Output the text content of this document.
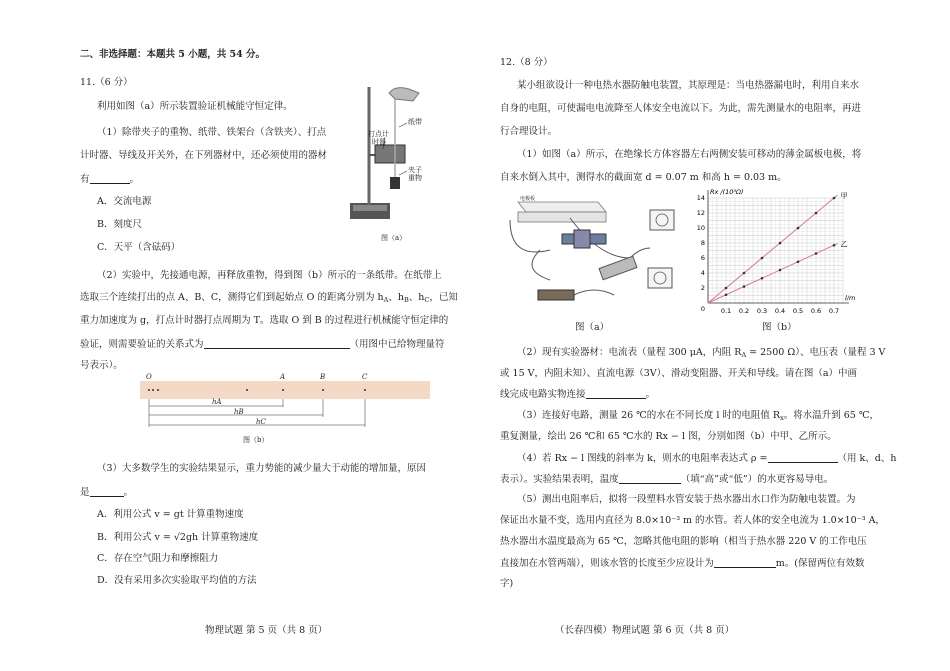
二、非选择题：本题共 5 小题，共 54 分。
11.（6 分）
利用如图（a）所示装置验证机械能守恒定律。
（1）除带夹子的重物、纸带、铁架台（含铁夹）、打点
计时器、导线及开关外，在下列器材中，还必须使用的器材
有	。
A．交流电源
B．刻度尺
C．天平（含砝码）
纸带
打点计
时器
夹子
重物
图（a）
（2）实验中，先接通电源，再释放重物，得到图（b）所示的一条纸带。在纸带上
选取三个连续打出的点 A、B、C，测得它们到起始点 O 的距离分别为 $h_A$、$h_B$、$h_C$，已知
重力加速度为 g，打点计时器打点周期为 T。选取 O 到 B 的过程进行机械能守恒定律的
验证，则需要验证的关系式为	（用图中已给物理量符
号表示）。
O	A	B	C
hA
hB
hC
图（b）
（3）大多数学生的实验结果显示，重力势能的减少量大于动能的增加量，原因
是	。
A．利用公式 v = gt 计算重物速度
B．利用公式 v = √2gh 计算重物速度
C．存在空气阻力和摩擦阻力
D．没有采用多次实验取平均值的方法
物理试题 第 5 页（共 8 页）
12.（8 分）
某小组欲设计一种电热水器防触电装置，其原理是：当电热器漏电时，利用自来水
自身的电阻，可使漏电电流降至人体安全电流以下。为此，需先测量水的电阻率，再进
行合理设计。
（1）如图（a）所示，在绝缘长方体容器左右两侧安装可移动的薄金属板电极，将
自来水倒入其中，测得水的截面宽 d = 0.07 m 和高 h = 0.03 m。
电极板
图（a）
0.1 0.2 0.3 0.4 0.5 0.6 0.7
2
4
6
8
10
12
14
0
l/m
Rx /(10³Ω)	甲
乙
图（b）
（2）现有实验器材：电流表（量程 300 μA，内阻 $R_A = 2500$ Ω）、电压表（量程 3 V
或 15 V，内阻未知）、直流电源（3V）、滑动变阻器、开关和导线。请在图（a）中画
线完成电路实物连接	。
（3）连接好电路，测量 26 ℃的水在不同长度 l 时的电阻值 $R_x$。将水温升到 65 ℃，
重复测量，绘出 26 ℃和 65 ℃水的 Rx − l 图，分别如图（b）中甲、乙所示。
（4）若 Rx − l 图线的斜率为 k，则水的电阻率表达式 ρ =	（用 k、d、h
表示）。实验结果表明，温度	（填“高”或“低”）的水更容易导电。
（5）测出电阻率后，拟将一段塑料水管安装于热水器出水口作为防触电装置。为
保证出水量不变，选用内直径为 8.0×10⁻³ m 的水管。若人体的安全电流为 1.0×10⁻³ A，
热水器出水温度最高为 65 ℃，忽略其他电阻的影响（相当于热水器 220 V 的工作电压
直接加在水管两端），则该水管的长度至少应设计为	m。(保留两位有效数
字)
（长春四模）物理试题 第 6 页（共 8 页）
